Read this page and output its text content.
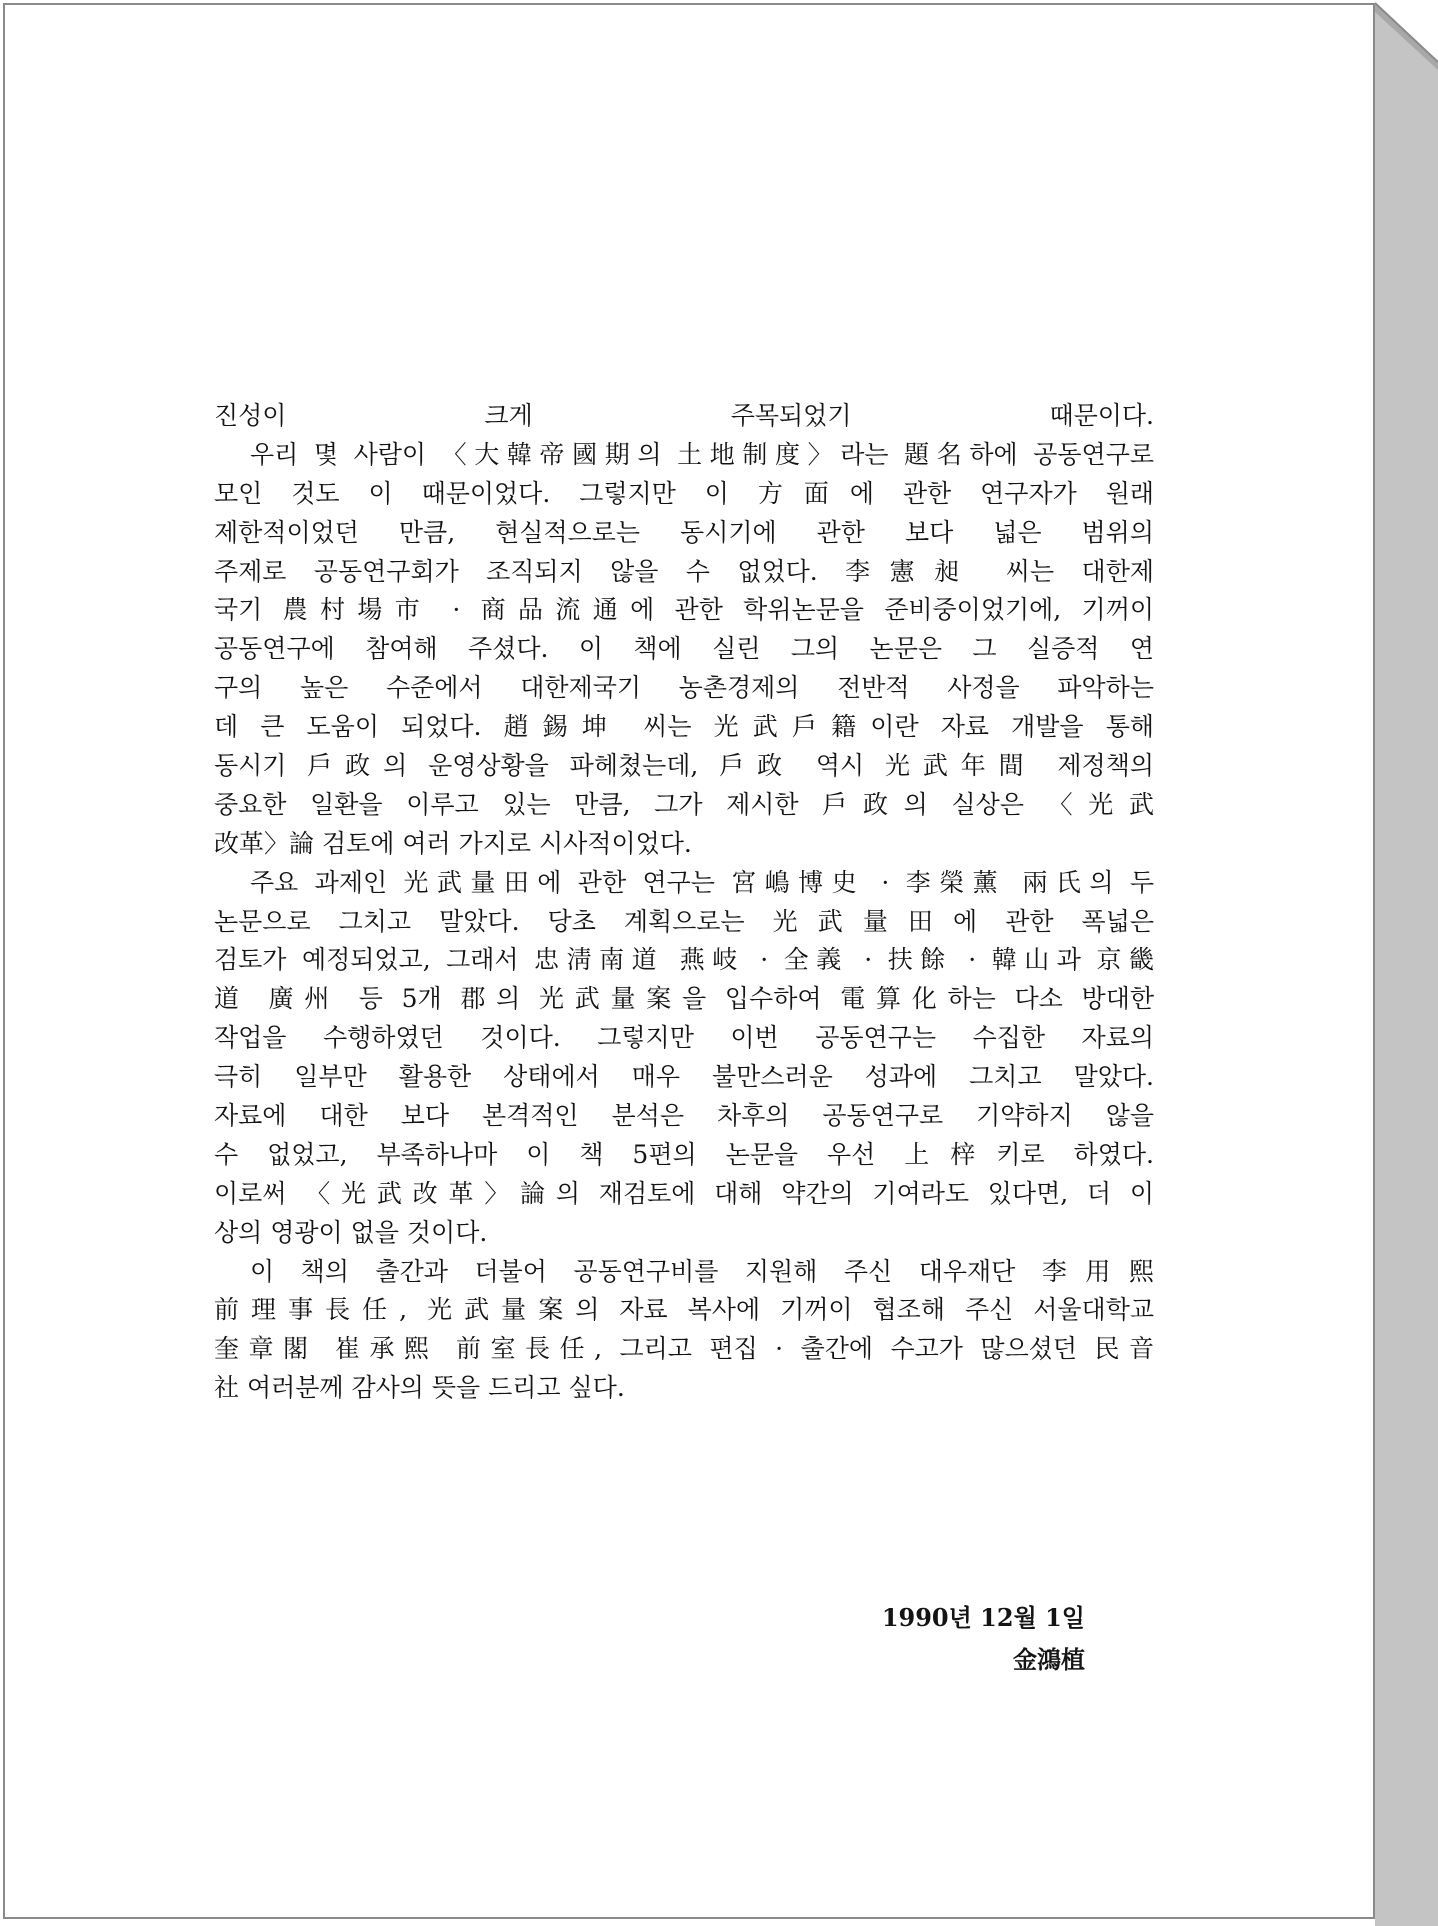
진성이 크게 주목되었기 때문이다.
우리 몇 사람이 〈大韓帝國期의 土地制度〉라는 題名하에 공동연구로
모인 것도 이 때문이었다. 그렇지만 이 方面에 관한 연구자가 원래
제한적이었던 만큼, 현실적으로는 동시기에 관한 보다 넓은 범위의
주제로 공동연구회가 조직되지 않을 수 없었다. 李憲昶 씨는 대한제
국기 農村場市 · 商品流通에 관한 학위논문을 준비중이었기에, 기꺼이
공동연구에 참여해 주셨다. 이 책에 실린 그의 논문은 그 실증적 연
구의 높은 수준에서 대한제국기 농촌경제의 전반적 사정을 파악하는
데 큰 도움이 되었다. 趙錫坤 씨는 光武戶籍이란 자료 개발을 통해
동시기 戶政의 운영상황을 파헤쳤는데, 戶政 역시 光武年間 제정책의
중요한 일환을 이루고 있는 만큼, 그가 제시한 戶政의 실상은 〈光武
改革〉論 검토에 여러 가지로 시사적이었다.
주요 과제인 光武量田에 관한 연구는 宮嶋博史 · 李榮薰 兩氏의 두
논문으로 그치고 말았다. 당초 계획으로는 光武量田에 관한 폭넓은
검토가 예정되었고, 그래서 忠淸南道 燕岐 · 全義 · 扶餘 · 韓山과 京畿
道 廣州 등 5개 郡의 光武量案을 입수하여 電算化하는 다소 방대한
작업을 수행하였던 것이다. 그렇지만 이번 공동연구는 수집한 자료의
극히 일부만 활용한 상태에서 매우 불만스러운 성과에 그치고 말았다.
자료에 대한 보다 본격적인 분석은 차후의 공동연구로 기약하지 않을
수 없었고, 부족하나마 이 책 5편의 논문을 우선 上梓키로 하였다.
이로써 〈光武改革〉論의 재검토에 대해 약간의 기여라도 있다면, 더 이
상의 영광이 없을 것이다.
이 책의 출간과 더불어 공동연구비를 지원해 주신 대우재단 李用熙
前理事長任, 光武量案의 자료 복사에 기꺼이 협조해 주신 서울대학교
奎章閣 崔承熙 前室長任, 그리고 편집 · 출간에 수고가 많으셨던 民音
社 여러분께 감사의 뜻을 드리고 싶다.
1990년 12월 1일
金鴻植
